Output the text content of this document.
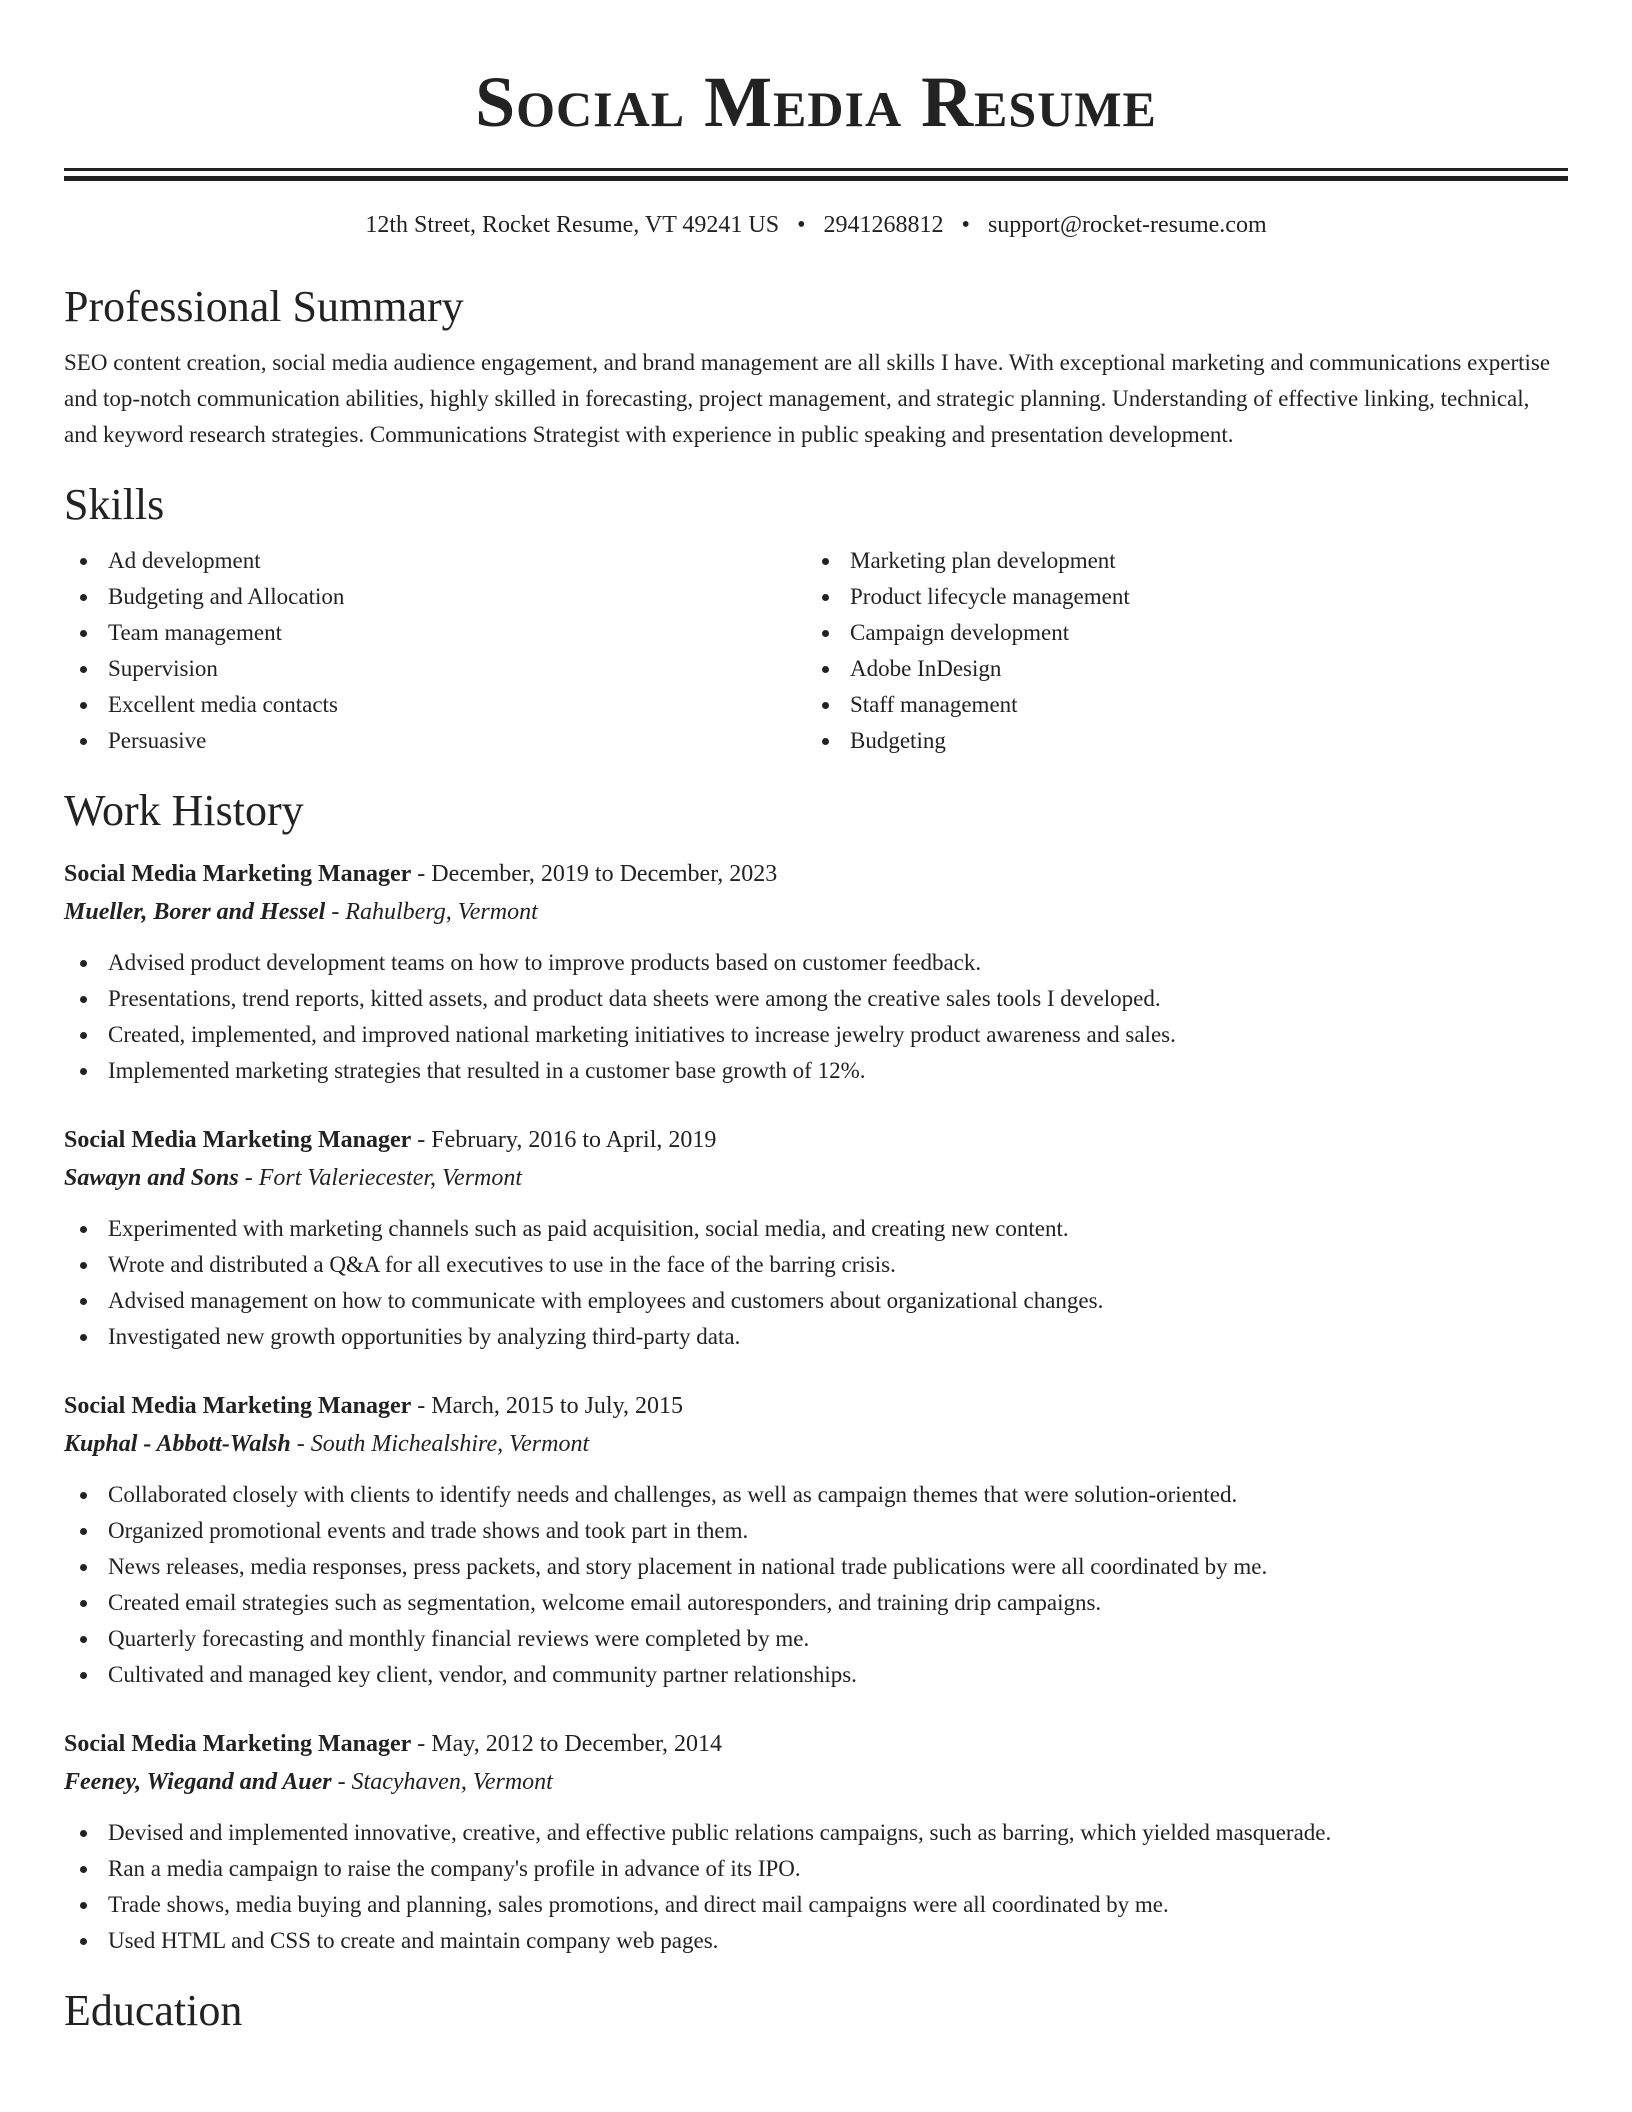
Social Media Resume
12th Street, Rocket Resume, VT 49241 US • 2941268812 • support@rocket-resume.com
Professional Summary

SEO content creation, social media audience engagement, and brand management are all skills I have. With exceptional marketing and communications expertise and top-notch communication abilities, highly skilled in forecasting, project management, and strategic planning. Understanding of effective linking, technical, and keyword research strategies. Communications Strategist with experience in public speaking and presentation development.

Skills
Ad development
Budgeting and Allocation
Team management
Supervision
Excellent media contacts
Persuasive
Marketing plan development
Product lifecycle management
Campaign development
Adobe InDesign
Staff management
Budgeting
Work History
Social Media Marketing Manager - December, 2019 to December, 2023
Mueller, Borer and Hessel - Rahulberg, Vermont
Advised product development teams on how to improve products based on customer feedback.
Presentations, trend reports, kitted assets, and product data sheets were among the creative sales tools I developed.
Created, implemented, and improved national marketing initiatives to increase jewelry product awareness and sales.
Implemented marketing strategies that resulted in a customer base growth of 12%.
Social Media Marketing Manager - February, 2016 to April, 2019
Sawayn and Sons - Fort Valeriecester, Vermont
Experimented with marketing channels such as paid acquisition, social media, and creating new content.
Wrote and distributed a Q&A for all executives to use in the face of the barring crisis.
Advised management on how to communicate with employees and customers about organizational changes.
Investigated new growth opportunities by analyzing third-party data.
Social Media Marketing Manager - March, 2015 to July, 2015
Kuphal - Abbott-Walsh - South Michealshire, Vermont
Collaborated closely with clients to identify needs and challenges, as well as campaign themes that were solution-oriented.
Organized promotional events and trade shows and took part in them.
News releases, media responses, press packets, and story placement in national trade publications were all coordinated by me.
Created email strategies such as segmentation, welcome email autoresponders, and training drip campaigns.
Quarterly forecasting and monthly financial reviews were completed by me.
Cultivated and managed key client, vendor, and community partner relationships.
Social Media Marketing Manager - May, 2012 to December, 2014
Feeney, Wiegand and Auer - Stacyhaven, Vermont
Devised and implemented innovative, creative, and effective public relations campaigns, such as barring, which yielded masquerade.
Ran a media campaign to raise the company's profile in advance of its IPO.
Trade shows, media buying and planning, sales promotions, and direct mail campaigns were all coordinated by me.
Used HTML and CSS to create and maintain company web pages.
Education
